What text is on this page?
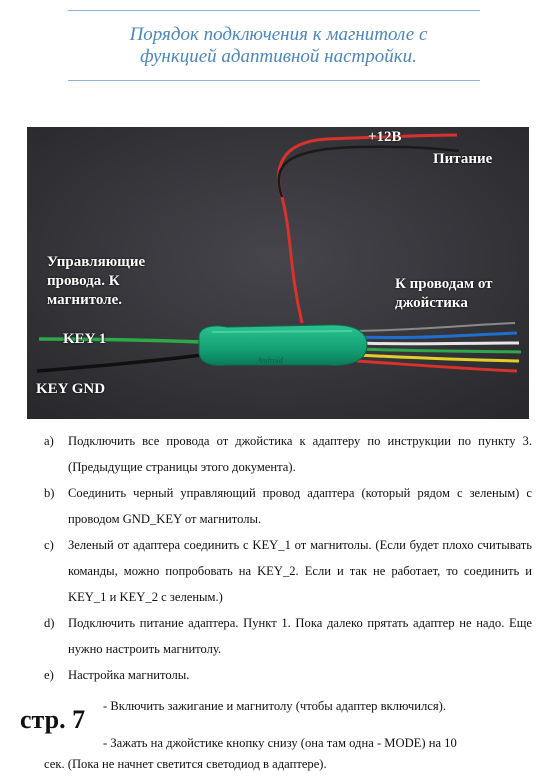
Порядок подключения к магнитоле с
функцией адаптивной настройки.
Android
+12В
Питание
Управляющие
провода. К
магнитоле.
К проводам от
джойстика
KEY 1
KEY GND
a) Подключить все провода от джойстика к адаптеру по инструкции по пункту 3. (Предыдущие страницы этого документа).
b) Соединить черный управляющий провод адаптера (который рядом с зеленым) с проводом GND_KEY от магнитолы.
c) Зеленый от адаптера соединить с KEY_1 от магнитолы. (Если будет плохо считывать команды, можно попробовать на KEY_2. Если и так не работает, то соединить и KEY_1 и KEY_2 с зеленым.)
d) Подключить питание адаптера. Пункт 1. Пока далеко прятать адаптер не надо. Еще нужно настроить магнитолу.
e) Настройка магнитолы.
- Включить зажигание и магнитолу (чтобы адаптер включился).
- Зажать на джойстике кнопку снизу (она там одна - MODE) на 10
сек. (Пока не начнет светится светодиод в адаптере).
стр. 7
